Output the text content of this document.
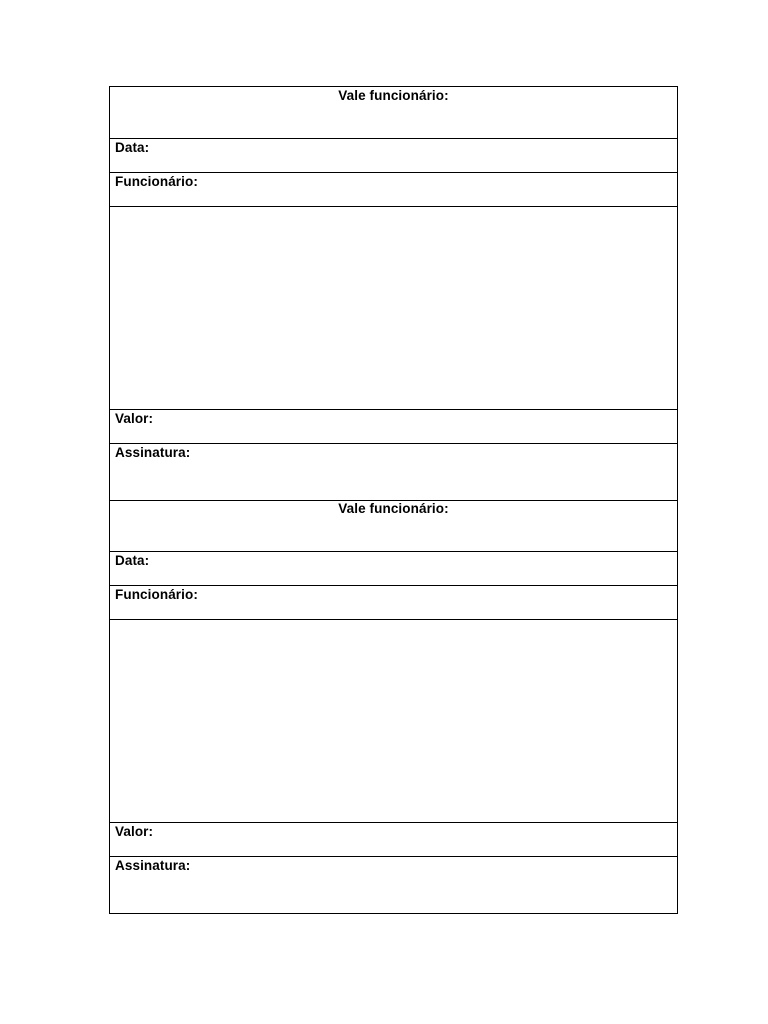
Vale funcionário:
Data:
Funcionário:
Valor:
Assinatura:
Vale funcionário:
Data:
Funcionário:
Valor:
Assinatura:
